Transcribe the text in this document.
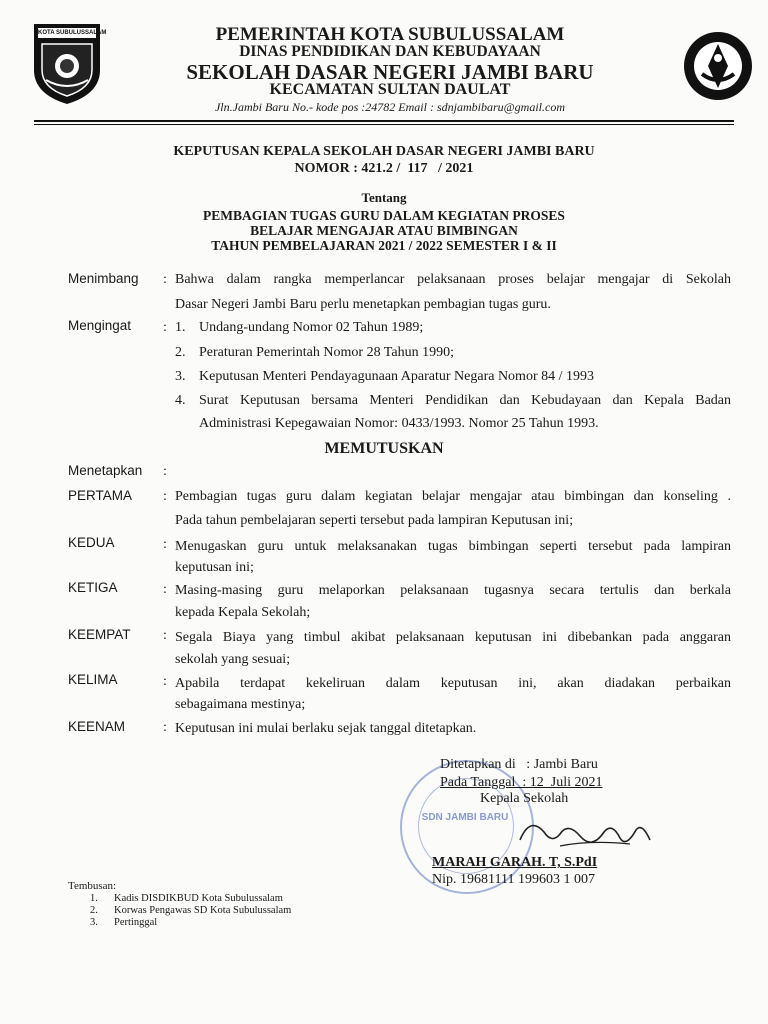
KOTA SUBULUSSALAM	PEMERINTAH KOTA SUBULUSSALAM
DINAS PENDIDIKAN DAN KEBUDAYAAN
SEKOLAH DASAR NEGERI JAMBI BARU
KECAMATAN SULTAN DAULAT
Jln.Jambi Baru No.- kode pos :24782 Email : sdnjambibaru@gmail.com
KEPUTUSAN KEPALA SEKOLAH DASAR NEGERI JAMBI BARU
NOMOR : 421.2 /  117   / 2021
Tentang
PEMBAGIAN TUGAS GURU DALAM KEGIATAN PROSES
BELAJAR MENGAJAR ATAU BIMBINGAN
TAHUN PEMBELAJARAN 2021 / 2022 SEMESTER I & II
Menimbang : Bahwa dalam rangka memperlancar pelaksanaan proses belajar mengajar di Sekolah
Dasar Negeri Jambi Baru perlu menetapkan pembagian tugas guru.
Mengingat : 1. Undang-undang Nomor 02 Tahun 1989;
2. Peraturan Pemerintah Nomor 28 Tahun 1990;
3. Keputusan Menteri Pendayagunaan Aparatur Negara Nomor 84 / 1993
4. Surat Keputusan bersama Menteri Pendidikan dan Kebudayaan dan Kepala Badan
Administrasi Kepegawaian Nomor: 0433/1993. Nomor 25 Tahun 1993.
MEMUTUSKAN
Menetapkan :
PERTAMA : Pembagian tugas guru dalam kegiatan belajar mengajar atau bimbingan dan konseling .
Pada tahun pembelajaran seperti tersebut pada lampiran Keputusan ini;
KEDUA	: Menugaskan guru untuk melaksanakan tugas bimbingan seperti tersebut pada lampiran
keputusan ini;
KETIGA	: Masing-masing guru melaporkan pelaksanaan tugasnya secara tertulis dan berkala
kepada Kepala Sekolah;
KEEMPAT : Segala Biaya yang timbul akibat pelaksanaan keputusan ini dibebankan pada anggaran
sekolah yang sesuai;
KELIMA	: Apabila terdapat kekeliruan dalam keputusan ini, akan diadakan perbaikan
sebagaimana mestinya;
KEENAM	: Keputusan ini mulai berlaku sejak tanggal ditetapkan.
SDN JAMBI BARU
Ditetapkan di   : Jambi Baru
Pada Tanggal  : 12  Juli 2021
Kepala Sekolah
MARAH GARAH. T, S.PdI
Nip. 19681111 199603 1 007
Tembusan:
1. Kadis DISDIKBUD Kota Subulussalam
2. Korwas Pengawas SD Kota Subulussalam
3. Pertinggal
